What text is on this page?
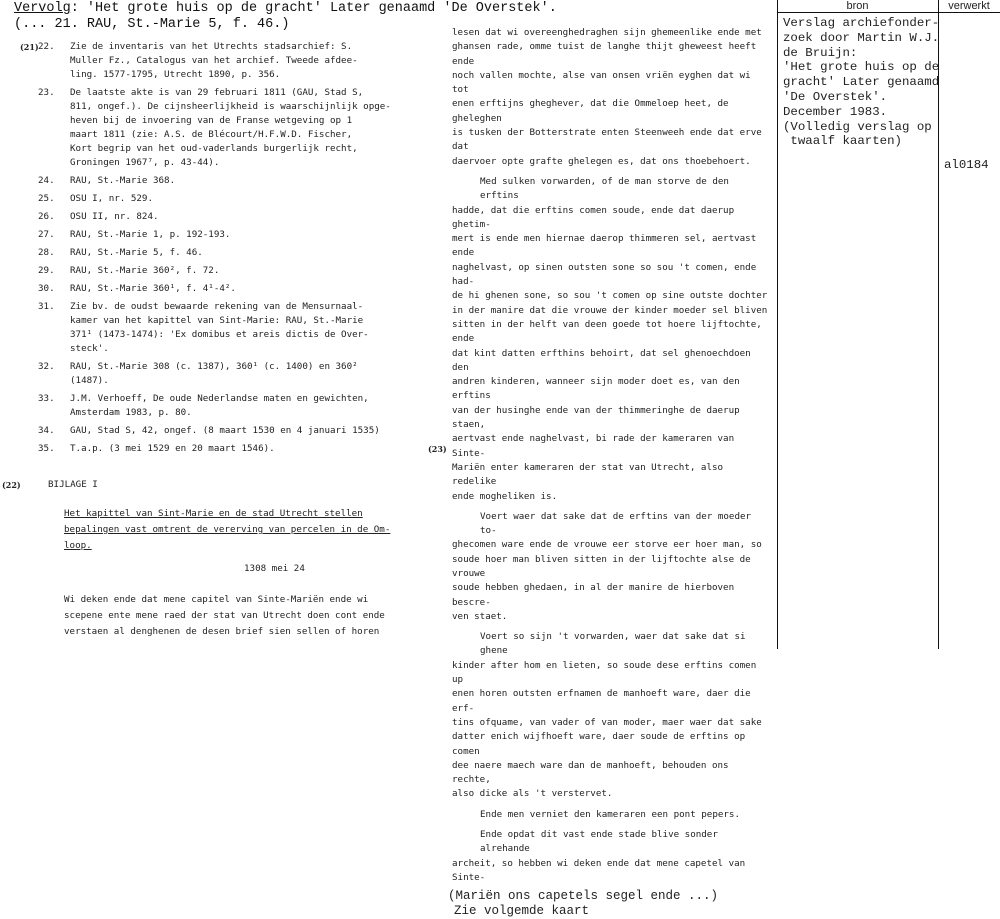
Vervolg: 'Het grote huis op de gracht' Later genaamd 'De Overstek'.
(... 21. RAU, St.-Marie 5, f. 46.)
22. Zie de inventaris van het Utrechts stadsarchief: S.
Muller Fz., Catalogus van het archief. Tweede afdee-
ling. 1577-1795, Utrecht 1890, p. 356.
23. De laatste akte is van 29 februari 1811 (GAU, Stad S,
811, ongef.). De cijnsheerlijkheid is waarschijnlijk opge-
heven bij de invoering van de Franse wetgeving op 1
maart 1811 (zie: A.S. de Blécourt/H.F.W.D. Fischer,
Kort begrip van het oud-vaderlands burgerlijk recht,
Groningen 1967⁷, p. 43-44).
24. RAU, St.-Marie 368.
25. OSU I, nr. 529.
26. OSU II, nr. 824.
27. RAU, St.-Marie 1, p. 192-193.
28. RAU, St.-Marie 5, f. 46.
29. RAU, St.-Marie 360², f. 72.
30. RAU, St.-Marie 360¹, f. 4¹-4².
31. Zie bv. de oudst bewaarde rekening van de Mensurnaal-
kamer van het kapittel van Sint-Marie: RAU, St.-Marie
371¹ (1473-1474): 'Ex domibus et areis dictis de Over-
steck'.
32. RAU, St.-Marie 308 (c. 1387), 360¹ (c. 1400) en 360²
(1487).
33. J.M. Verhoeff, De oude Nederlandse maten en gewichten,
Amsterdam 1983, p. 80.
34. GAU, Stad S, 42, ongef. (8 maart 1530 en 4 januari 1535)
35. T.a.p. (3 mei 1529 en 20 maart 1546).
(22)	BIJLAGE I
Het kapittel van Sint-Marie en de stad Utrecht stellen
bepalingen vast omtrent de vererving van percelen in de Om-
loop.
1308 mei 24
Wi deken ende dat mene capitel van Sinte-Mariën ende wi
scepene ente mene raed der stat van Utrecht doen cont ende
verstaen al denghenen de desen brief sien sellen of horen
(21)
lesen dat wi overeenghedraghen sijn ghemeenlike ende met
ghansen rade, omme tuist de langhe thijt gheweest heeft ende
noch vallen mochte, alse van onsen vriën eyghen dat wi tot
enen erftijns gheghever, dat die Ommeloep heet, de gheleghen
is tusken der Botterstrate enten Steenweeh ende dat erve dat
daervoer opte grafte ghelegen es, dat ons thoebehoert.
Med sulken vorwarden, of de man storve de den erftins
hadde, dat die erftins comen soude, ende dat daerup ghetim-
mert is ende men hiernae daerop thimmeren sel, aertvast ende
naghelvast, op sinen outsten sone so sou 't comen, ende had-
de hi ghenen sone, so sou 't comen op sine outste dochter
in der manire dat die vrouwe der kinder moeder sel bliven
sitten in der helft van deen goede tot hoere lijftochte, ende
dat kint datten erfthins behoirt, dat sel ghenoechdoen den
andren kinderen, wanneer sijn moder doet es, van den erftins
van der husinghe ende van der thimmeringhe de daerup staen,
aertvast ende naghelvast, bi rade der kameraren van Sinte-
Mariën enter kameraren der stat van Utrecht, also redelike
ende mogheliken is.
Voert waer dat sake dat de erftins van der moeder to-
ghecomen ware ende de vrouwe eer storve eer hoer man, so
soude hoer man bliven sitten in der lijftochte alse de vrouwe
soude hebben ghedaen, in al der manire de hierboven bescre-
ven staet.
Voert so sijn 't vorwarden, waer dat sake dat si ghene
kinder after hom en lieten, so soude dese erftins comen up
enen horen outsten erfnamen de manhoeft ware, daer die erf-
tins ofquame, van vader of van moder, maer waer dat sake
datter enich wijfhoeft ware, daer soude de erftins op comen
dee naere maech ware dan de manhoeft, behouden ons rechte,
also dicke als 't verstervet.
Ende men verniet den kameraren een pont pepers.
Ende opdat dit vast ende stade blive sonder alrehande
archeit, so hebben wi deken ende dat mene capetel van Sinte-
(Mariën ons capetels segel ende ...)
Zie volgemde kaart
(23)
bron	verwerkt
Verslag archiefonder-
zoek door Martin W.J.
de Bruijn:
'Het grote huis op de
gracht' Later genaamd
'De Overstek'.
December 1983.
(Volledig verslag op
twaalf kaarten)
al0184
